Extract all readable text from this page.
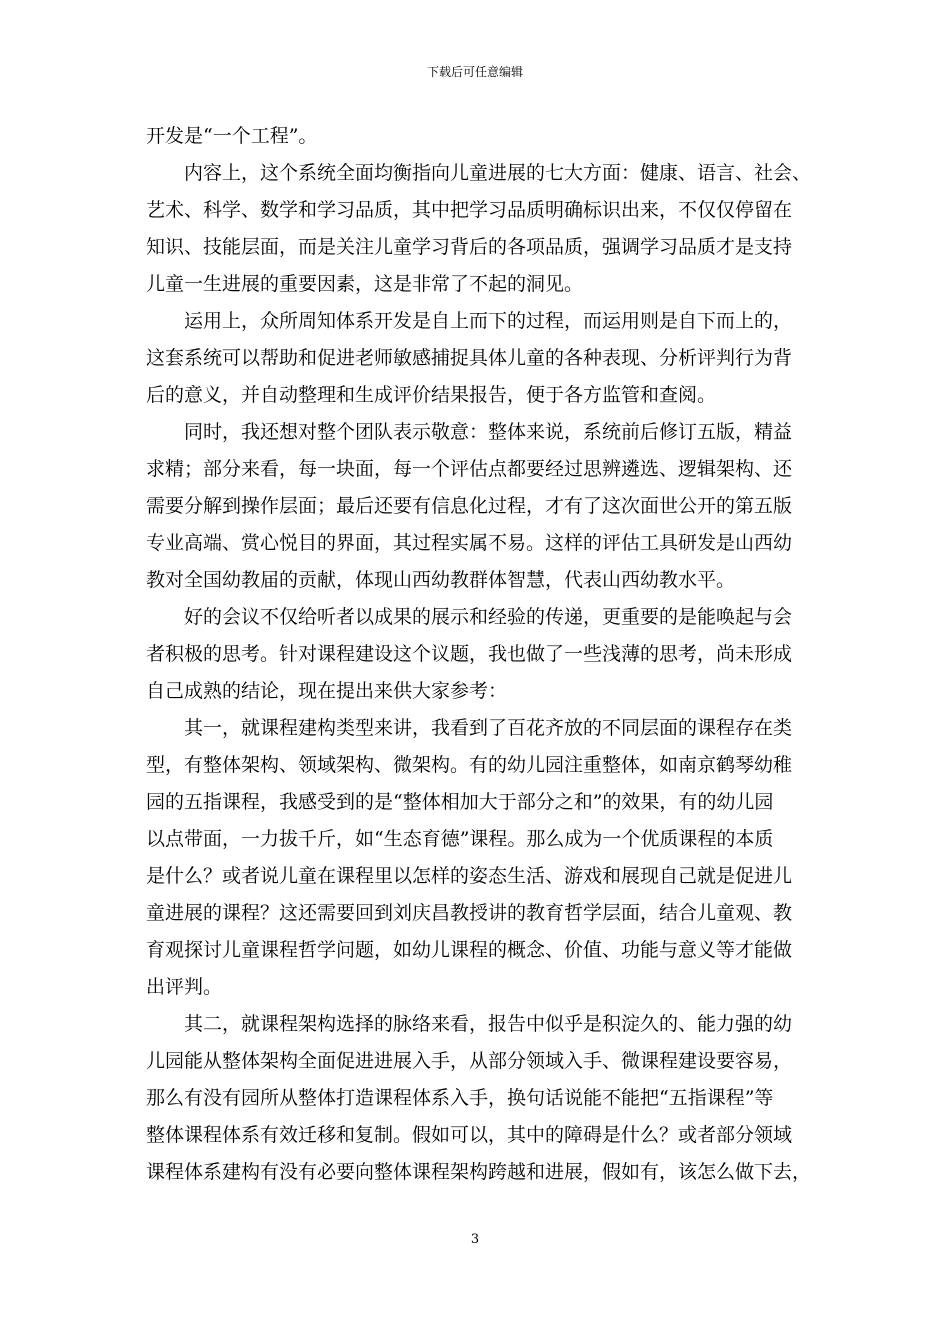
下载后可任意编辑
开发是“一个工程”。
　　内容上，这个系统全面均衡指向儿童进展的七大方面：健康、语言、社会、
艺术、科学、数学和学习品质，其中把学习品质明确标识出来，不仅仅停留在
知识、技能层面，而是关注儿童学习背后的各项品质，强调学习品质才是支持
儿童一生进展的重要因素，这是非常了不起的洞见。
　　运用上，众所周知体系开发是自上而下的过程，而运用则是自下而上的，
这套系统可以帮助和促进老师敏感捕捉具体儿童的各种表现、分析评判行为背
后的意义，并自动整理和生成评价结果报告，便于各方监管和查阅。
　　同时，我还想对整个团队表示敬意：整体来说，系统前后修订五版，精益
求精；部分来看，每一块面，每一个评估点都要经过思辨遴选、逻辑架构、还
需要分解到操作层面；最后还要有信息化过程，才有了这次面世公开的第五版
专业高端、赏心悦目的界面，其过程实属不易。这样的评估工具研发是山西幼
教对全国幼教届的贡献，体现山西幼教群体智慧，代表山西幼教水平。
　　好的会议不仅给听者以成果的展示和经验的传递，更重要的是能唤起与会
者积极的思考。针对课程建设这个议题，我也做了一些浅薄的思考，尚未形成
自己成熟的结论，现在提出来供大家参考：
　　其一，就课程建构类型来讲，我看到了百花齐放的不同层面的课程存在类
型，有整体架构、领域架构、微架构。有的幼儿园注重整体，如南京鹤琴幼稚
园的五指课程，我感受到的是“整体相加大于部分之和”的效果，有的幼儿园
以点带面，一力拔千斤，如“生态育德”课程。那么成为一个优质课程的本质
是什么？或者说儿童在课程里以怎样的姿态生活、游戏和展现自己就是促进儿
童进展的课程？这还需要回到刘庆昌教授讲的教育哲学层面，结合儿童观、教
育观探讨儿童课程哲学问题，如幼儿课程的概念、价值、功能与意义等才能做
出评判。
　　其二，就课程架构选择的脉络来看，报告中似乎是积淀久的、能力强的幼
儿园能从整体架构全面促进进展入手，从部分领域入手、微课程建设要容易，
那么有没有园所从整体打造课程体系入手，换句话说能不能把“五指课程”等
整体课程体系有效迁移和复制。假如可以，其中的障碍是什么？或者部分领域
课程体系建构有没有必要向整体课程架构跨越和进展，假如有，该怎么做下去，
3
